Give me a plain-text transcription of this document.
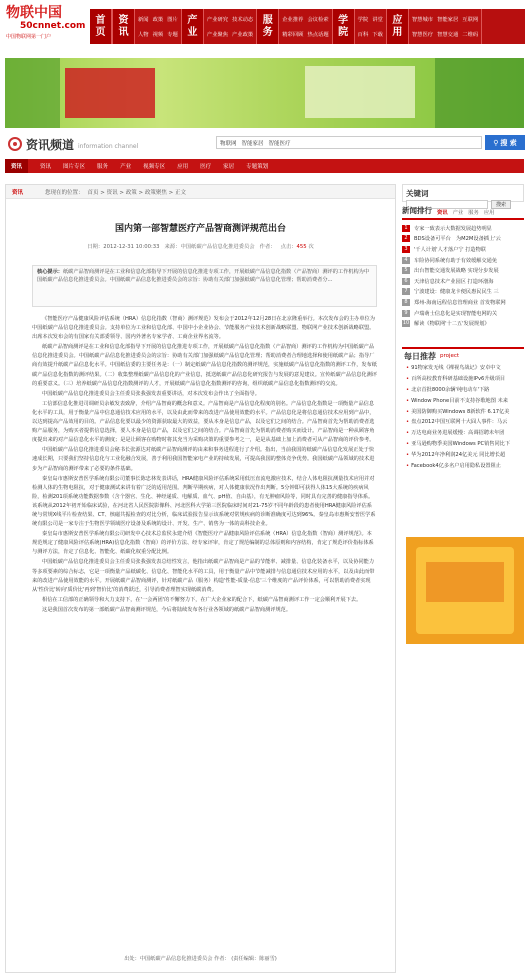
物联中国
50cnnet.com
中国物联网第一门户
首
页
资
讯
新闻 政策 图片
人物 视频 专题
产
业
产业研究 技术动态
产业聚焦 产业政策
服
务
企业推荐 会议检索
精彩回顾 热点话题
学
院
学院 讲堂
百科 下载
应
用
智慧城市 智能家居 互联网
智慧医疗 智慧交通 二维码
资讯频道 information channel	物联网 智能家居 智能医疗	⚲ 搜 索
资讯	资讯 图片专区 服务 产业 视频专区 应用 医疗 家居 专题策划
资讯	您现在的位置： 首页 > 资讯 > 政策 > 政策聚焦 > 正文
国内第一部智慧医疗产品智商测评规范出台
日期：2012-12-31 10:00:33 来源：中国纸碳产品信息化推进委员会 作者： 点击：455 次
核心提示：纸碳产品智商测评是在工业和信息化部指导下开展的信息化推进专项工作，开展纸碳产品信息化指数（产品智商）测评的工作机构为中国纸碳产品信息化推进委员会。中国纸碳产品信息化推进委员会的宗旨：协助有关部门加强纸碳产品信息化管理；帮助消费者分...

《智能医疗产品健康风险评估系统（HRA）信息化指数（智商）测评规范》发布会于2012年12月28日在北京隆重举行。本次发布会的主办单位为中国纸碳产品信息化推进委员会。支持单位为工业和信息化部、中国中小企业协会、节能服务产业技术创新战略联盟、物联网产业技术创新战略联盟。出席本次发布会的有国家有关部委领导、国内外著名专家学者、工商企业界名流等。

纸碳产品智商测评是在工业和信息化部指导下开展的信息化推进专项工作，开展纸碳产品信息化指数（产品智商）测评的工作机构为中国纸碳产品信息化推进委员会。中国纸碳产品信息化推进委员会的宗旨：协助有关部门加强纸碳产品信息化管理；帮助消费者合理地选择和使用纸碳产品；指导厂商有效提升纸碳产品信息化水平。中国纸信委的主要任务是：（一）制定纸碳产品信息化指数的测评规范，实施纸碳产品信息化指数的测评工作，发布纸碳产品信息化指数的测评结果。（二）收集整理纸碳产品信息化的产业信息，抵送纸碳产品信息化研究报告与发展的意见建议。宣传纸碳产品信息化测评的重要意义。（三）培养纸碳产品信息化指数测评的人才，开展纸碳产品信息化指数测评的咨询，组织纸碳产品信息化指数测评的交流。

中国纸碳产品信息化推进委员会主任委员张我强发表重要讲话，对本次发布会作出了全面指导。

工信部信息化推进司调研员余敏发表致辞，介绍产品智商的概念和意义。产品智商是产品信息化程度的别名。产品信息化指数是一项衡量产品信息化水平的工具，用于衡量产品中信息通信技术应用的水平，以及由此而带来的改进产品使用效能的水平。产品信息化是将信息通信技术应用到产品中，以达到提高产品效用的目的。产品信息化要以最少的资源获取最大的效益，要从本身是信息产品，以及它们之间的结合。产品智商首先为帮助消费者选购产品服务，为购买者提供信息选择，要人本身是信息产品，以及它们之间的结合。产品智商首先为帮助消费者购买而设计。产品智商是一种从顾客角度提出来的对产品信息化水平的测度；是是让顾客在购物时将其充当为采购决策的重要参考之一，是是从基础上加上消费者可从产品智商的评价参考。

中国纸碳产品信息化推进委员会秘书长张源达对纸碳产品智商测评的由来和事务进程进行了介绍。指出，当前我国的纸碳产品信息化发展正处于快速成长期，只要我们坚持信息化与工业化融合发展，善于利用我国智能家电产业的持续发展，可提高我国的整体竞争优势。我国纸碳产品领域的技术进步为产品智商的测评带来了必要的条件基础。

秦皇岛市惠斯安普医学系统有限公司董事长陈忠林发表讲话，HRA健康风险评估系统采用低压直流电激应技术，结合人体电阻抗测量技术应用并对检测人体的生物电阻抗，对于健康测试来讲有着广泛的适用范围。判断早期疾病，对人体健康状况作出判断。5分钟即可获得人体15大系统的疾病风险，检测201项系统功能数据参数（含个器官、生化、神经递质、电解质、血气、pH值、自由基），有无肿瘤风险等，同时具有完善的健康指导体系。该系统从2012年初开始临床试验，在河北省人民医院影像科、河北医科大学第三医院临床时间对21-75岁不同年龄段的患者使用HRA健康风险评估系统与常规X线平片检查结果、CT、核磁共振检查的对比分析，临床试验报告显示该系统对常规疾病的诊断准确度可达到96%。秦皇岛市惠斯安普医学系统有限公司是一家专注于生物医学领域医疗设备及系统的设计、开发、生产、销售为一体的高科技企业。

秦皇岛市惠斯安普医学系统有限公司研发中心技术总监侯永建介绍《智能医疗产品健康风险评估系统（HRA）信息化指数（智商）测评规范》。本规范规定了健康风险评估系统(HRA)信息化指数（智商）的评价方法、经专家评审，肯定了规范编制的总体原则和内容结构，肯定了规范评价指标体系与测评方法，肯定了信息化、智能化、纸碳化权重分配比例。

中国纸碳产品信息化推进委员会主任委员张我强发表总结性发言，他指出纸碳产品智商是产品的节能率、减排量、信息化装备水平，以及协同能力等多项要素的综合标志，它是一项衡量产品纸碳化、信息化、智能化水平的工具，用于衡量产品中节能减排与信息通信技术应用的水平，以及由此而带来的改进产品使用效能的水平。开展纸碳产品智商测评，针对纸碳产品（服务）构造'性能-质量-信息'三个维度的产品评价体系，可以帮助消费者实现从'性价比'转向'质价比'再到'智价比'的消费跃迁，引导消费者理智实现纸碳消费。

相信在工信部的正确领导和大力支持下，在'一会两团'的不懈努力下，在广大企业家的配合下，纸碳产品智商测评工作一定会顺利开展下去。

这是我国首次发布的第一部纸碳产品智商测评规范，今后将陆续发布各行业各领域的纸碳产品智商测评规范。

出处：中国纸碳产品信息化推进委员会 作者： (责任编辑：陈丽雪)
关键词
搜索
新闻排行 资讯 产业 服务 应用
1	专家一致表示大数据发展趋势明显
2	BDS设备可平台　为M2M设备插上'云
3	'千人计划'人才落户宁 打造物联
4	车险协同系统有助于有效缓解交通免
5	出台智能交通发展战略 实现分步发展
6	天津信息技术产业园区 打造环渤海
7	宁波建设：健康龙卡便民惠民民生 三
8	郑州-海南远程信息管理商业 首发物联网
9	卢瑞萌士信息化是实现智能电网的关
10 解读《物联网'十二五'发展规划》
每日推荐 project
• 91物家发无线《裸视鸟战记》安卓中文
• 百所高校教育科研基础设施IPv6升级项目
• 北京首批8000余辆'纯电动车'下路
• Window Phone目前不支持谷歌地图 未来
• 美国防御购买Windows 8新软件 6.17亿美
• 盘点2012中国互联网十大囧人事件：马云
• 万达电商业务进展缓慢：高调招聘未年团
• 亚马逊购物季美国Windows PC销售同比下
• 华为2012年净利润24亿美元 同比增长超
• Facebook4亿多名户启用隐私设置阻止
